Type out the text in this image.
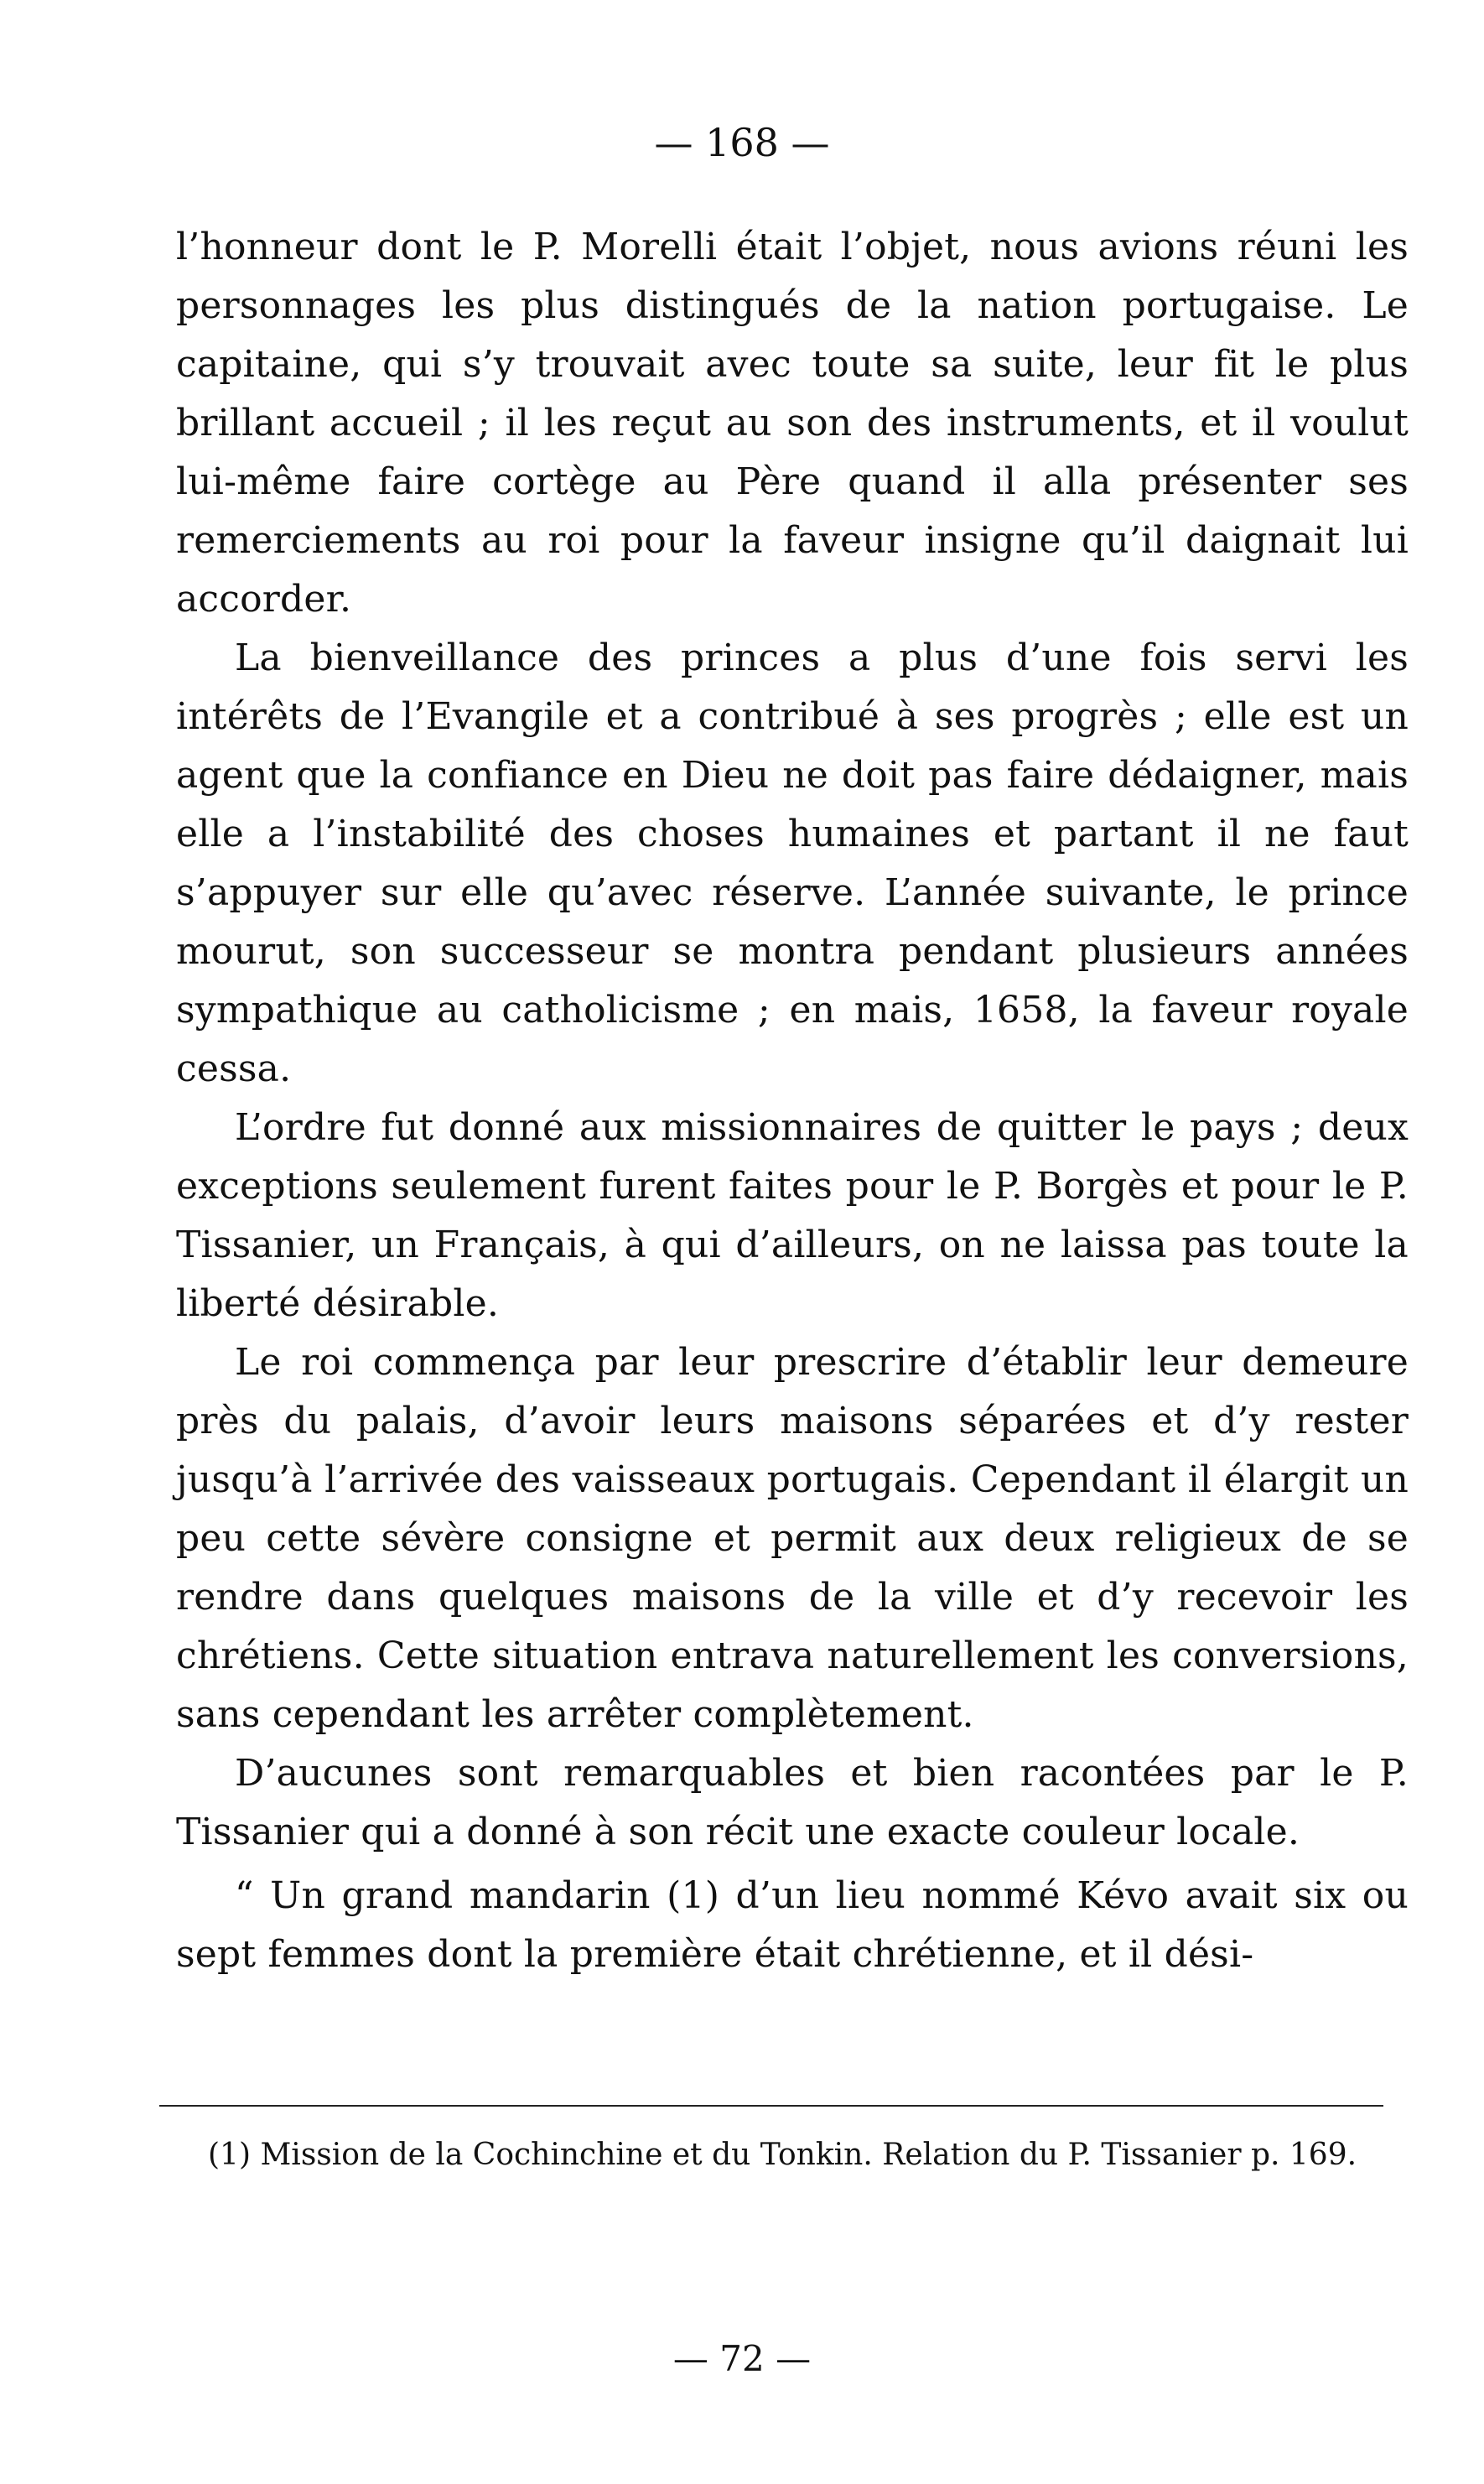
— 168 —

l’honneur dont le P. Morelli était l’objet, nous avions réuni les personnages les plus distingués de la nation portugaise. Le capitaine, qui s’y trouvait avec toute sa suite, leur fit le plus brillant accueil ; il les reçut au son des instruments, et il voulut lui-même faire cortège au Père quand il alla présenter ses remerciements au roi pour la faveur insigne qu’il daignait lui accorder.

La bienveillance des princes a plus d’une fois servi les intérêts de l’Evangile et a contribué à ses progrès ; elle est un agent que la confiance en Dieu ne doit pas faire dédaigner, mais elle a l’instabilité des choses humaines et partant il ne faut s’appuyer sur elle qu’avec réserve. L’année suivante, le prince mourut, son successeur se montra pendant plusieurs années sympathique au catholicisme ; en mais, 1658, la faveur royale cessa.

L’ordre fut donné aux missionnaires de quitter le pays ; deux exceptions seulement furent faites pour le P. Borgès et pour le P. Tissanier, un Français, à qui d’ailleurs, on ne laissa pas toute la liberté désirable.

Le roi commença par leur prescrire d’établir leur demeure près du palais, d’avoir leurs maisons séparées et d’y rester jusqu’à l’arrivée des vaisseaux portugais. Cependant il élargit un peu cette sévère consigne et permit aux deux religieux de se rendre dans quelques maisons de la ville et d’y recevoir les chrétiens. Cette situation entrava naturellement les conversions, sans cependant les arrêter complètement.

D’aucunes sont remarquables et bien racontées par le P. Tissanier qui a donné à son récit une exacte couleur locale.

“ Un grand mandarin (1) d’un lieu nommé Kévo avait six ou sept femmes dont la première était chrétienne, et il dési-

(1) Mission de la Cochinchine et du Tonkin. Relation du P. Tissanier p. 169.
— 72 —
